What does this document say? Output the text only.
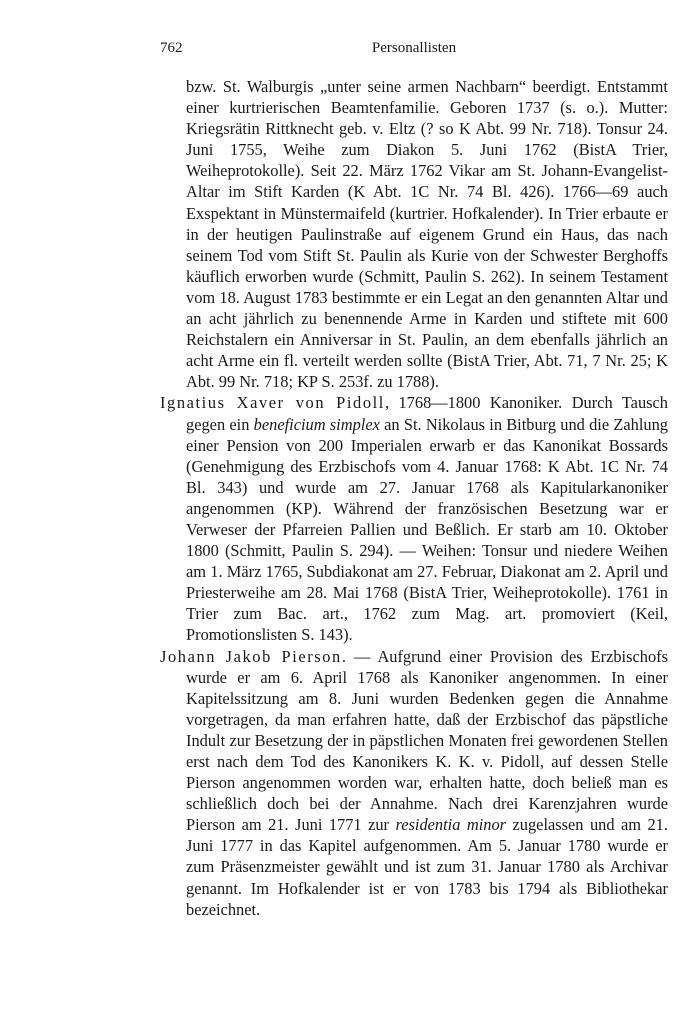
762	Personallisten

bzw. St. Walburgis „unter seine armen Nachbarn“ beerdigt. Entstammt einer kurtrierischen Beamtenfamilie. Geboren 1737 (s. o.). Mutter: Kriegsrätin Rittknecht geb. v. Eltz (? so K Abt. 99 Nr. 718). Tonsur 24. Juni 1755, Weihe zum Diakon 5. Juni 1762 (BistA Trier, Weiheprotokolle). Seit 22. März 1762 Vikar am St. Johann-Evangelist-Altar im Stift Karden (K Abt. 1C Nr. 74 Bl. 426). 1766—69 auch Exspektant in Münstermaifeld (kurtrier. Hofkalender). In Trier erbaute er in der heutigen Paulinstraße auf eigenem Grund ein Haus, das nach seinem Tod vom Stift St. Paulin als Kurie von der Schwester Berghoffs käuflich erworben wurde (Schmitt, Paulin S. 262). In seinem Testament vom 18. August 1783 bestimmte er ein Legat an den genannten Altar und an acht jährlich zu benennende Arme in Karden und stiftete mit 600 Reichstalern ein Anniversar in St. Paulin, an dem ebenfalls jährlich an acht Arme ein fl. verteilt werden sollte (BistA Trier, Abt. 71, 7 Nr. 25; K Abt. 99 Nr. 718; KP S. 253f. zu 1788).

Ignatius Xaver von Pidoll, 1768—1800 Kanoniker. Durch Tausch gegen ein beneficium simplex an St. Nikolaus in Bitburg und die Zahlung einer Pension von 200 Imperialen erwarb er das Kanonikat Bossards (Genehmigung des Erzbischofs vom 4. Januar 1768: K Abt. 1C Nr. 74 Bl. 343) und wurde am 27. Januar 1768 als Kapitularkanoniker angenommen (KP). Während der französischen Besetzung war er Verweser der Pfarreien Pallien und Beßlich. Er starb am 10. Oktober 1800 (Schmitt, Paulin S. 294). — Weihen: Tonsur und niedere Weihen am 1. März 1765, Subdiakonat am 27. Februar, Diakonat am 2. April und Priesterweihe am 28. Mai 1768 (BistA Trier, Weiheprotokolle). 1761 in Trier zum Bac. art., 1762 zum Mag. art. promoviert (Keil, Promotionslisten S. 143).

Johann Jakob Pierson. — Aufgrund einer Provision des Erzbischofs wurde er am 6. April 1768 als Kanoniker angenommen. In einer Kapitelssitzung am 8. Juni wurden Bedenken gegen die Annahme vorgetragen, da man erfahren hatte, daß der Erzbischof das päpstliche Indult zur Besetzung der in päpstlichen Monaten frei gewordenen Stellen erst nach dem Tod des Kanonikers K. K. v. Pidoll, auf dessen Stelle Pierson angenommen worden war, erhalten hatte, doch beließ man es schließlich doch bei der Annahme. Nach drei Karenzjahren wurde Pierson am 21. Juni 1771 zur residentia minor zugelassen und am 21. Juni 1777 in das Kapitel aufgenommen. Am 5. Januar 1780 wurde er zum Präsenzmeister gewählt und ist zum 31. Januar 1780 als Archivar genannt. Im Hofkalender ist er von 1783 bis 1794 als Bibliothekar bezeichnet.
